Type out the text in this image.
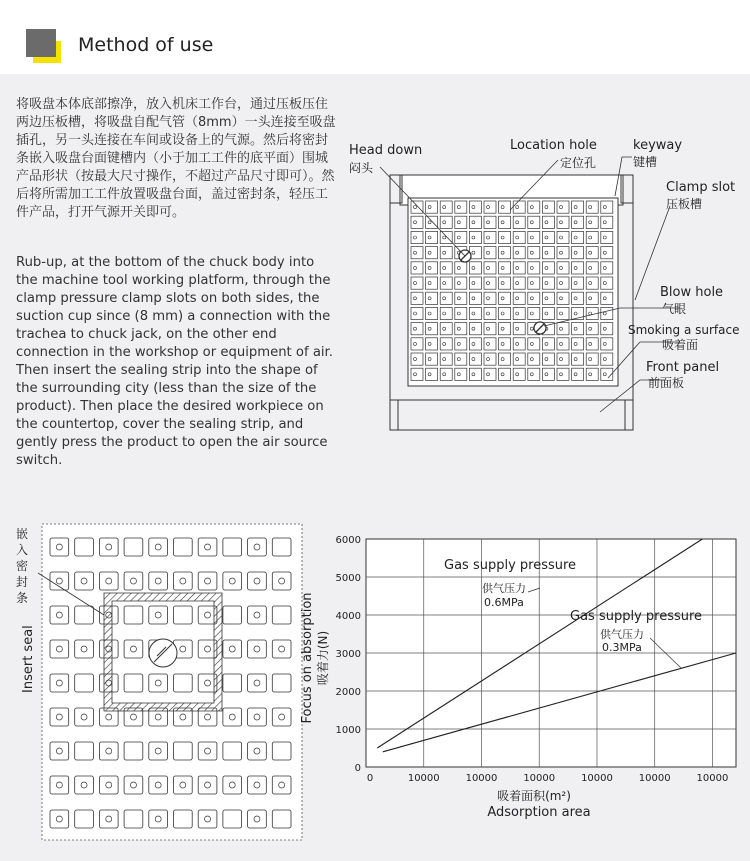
Method of use

将吸盘本体底部擦净，放入机床工作台，通过压板压住两边压板槽，将吸盘自配气管（8mm）一头连接至吸盘插孔，另一头连接在车间或设备上的气源。然后将密封条嵌入吸盘台面键槽内（小于加工工件的底平面）围城产品形状（按最大尺寸操作，不超过产品尺寸即可）。然后将所需加工工件放置吸盘台面，盖过密封条，轻压工件产品，打开气源开关即可。

Rub-up, at the bottom of the chuck body into the machine tool working platform, through the clamp pressure clamp slots on both sides, the suction cup since (8 mm) a connection with the trachea to chuck jack, on the other end connection in the workshop or equipment of air. Then insert the sealing strip into the shape of the surrounding city (less than the size of the product). Then place the desired workpiece on the countertop, cover the sealing strip, and gently press the product to open the air source switch.

Head down
闷头
Location hole
定位孔
keyway
键槽
Clamp slot
压板槽
Blow hole
气眼
Smoking a surface
吸着面
Front panel
前面板
嵌入密封条
Insert seal
0
1000
2000
3000
4000
5000
6000
0	10000	10000	10000	10000	10000	10000
Gas supply pressure
供气压力
0.6MPa
Gas supply pressure
供气压力
0.3MPa
Focus on absorption 吸着力(N)
吸着面积(m²)
Adsorption area
